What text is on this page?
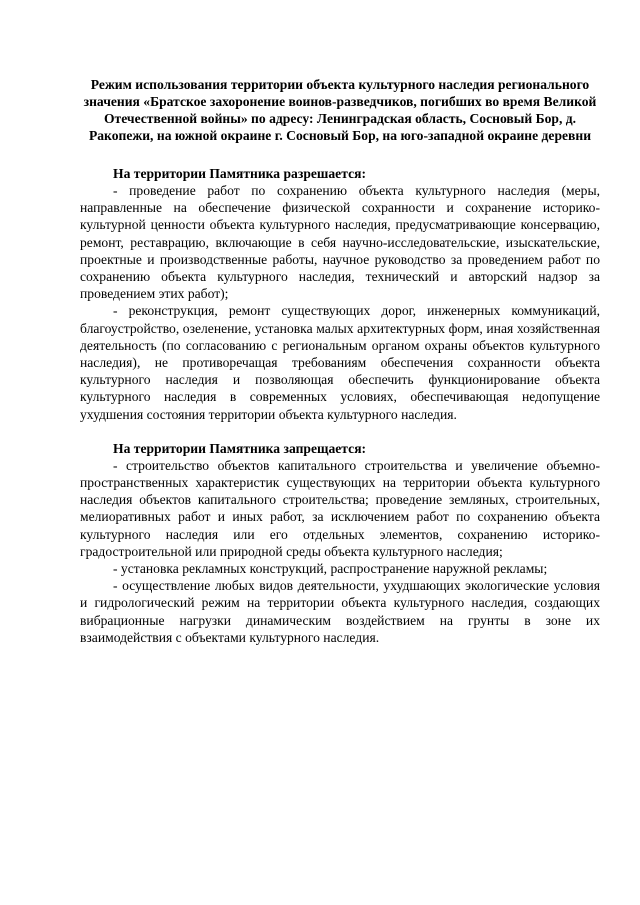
Режим использования территории объекта культурного наследия регионального значения «Братское захоронение воинов-разведчиков, погибших во время Великой Отечественной войны» по адресу: Ленинградская область, Сосновый Бор, д. Ракопежи, на южной окраине г. Сосновый Бор, на юго-западной окраине деревни
На территории Памятника разрешается:

- проведение работ по сохранению объекта культурного наследия (меры, направленные на обеспечение физической сохранности и сохранение историко-культурной ценности объекта культурного наследия, предусматривающие консервацию, ремонт, реставрацию, включающие в себя научно-исследовательские, изыскательские, проектные и производственные работы, научное руководство за проведением работ по сохранению объекта культурного наследия, технический и авторский надзор за проведением этих работ);

- реконструкция, ремонт существующих дорог, инженерных коммуникаций, благоустройство, озеленение, установка малых архитектурных форм, иная хозяйственная деятельность (по согласованию с региональным органом охраны объектов культурного наследия), не противоречащая требованиям обеспечения сохранности объекта культурного наследия и позволяющая обеспечить функционирование объекта культурного наследия в современных условиях, обеспечивающая недопущение ухудшения состояния территории объекта культурного наследия.

На территории Памятника запрещается:

- строительство объектов капитального строительства и увеличение объемно-пространственных характеристик существующих на территории объекта культурного наследия объектов капитального строительства; проведение земляных, строительных, мелиоративных работ и иных работ, за исключением работ по сохранению объекта культурного наследия или его отдельных элементов, сохранению историко-градостроительной или природной среды объекта культурного наследия;

- установка рекламных конструкций, распространение наружной рекламы;

- осуществление любых видов деятельности, ухудшающих экологические условия и гидрологический режим на территории объекта культурного наследия, создающих вибрационные нагрузки динамическим воздействием на грунты в зоне их взаимодействия с объектами культурного наследия.
